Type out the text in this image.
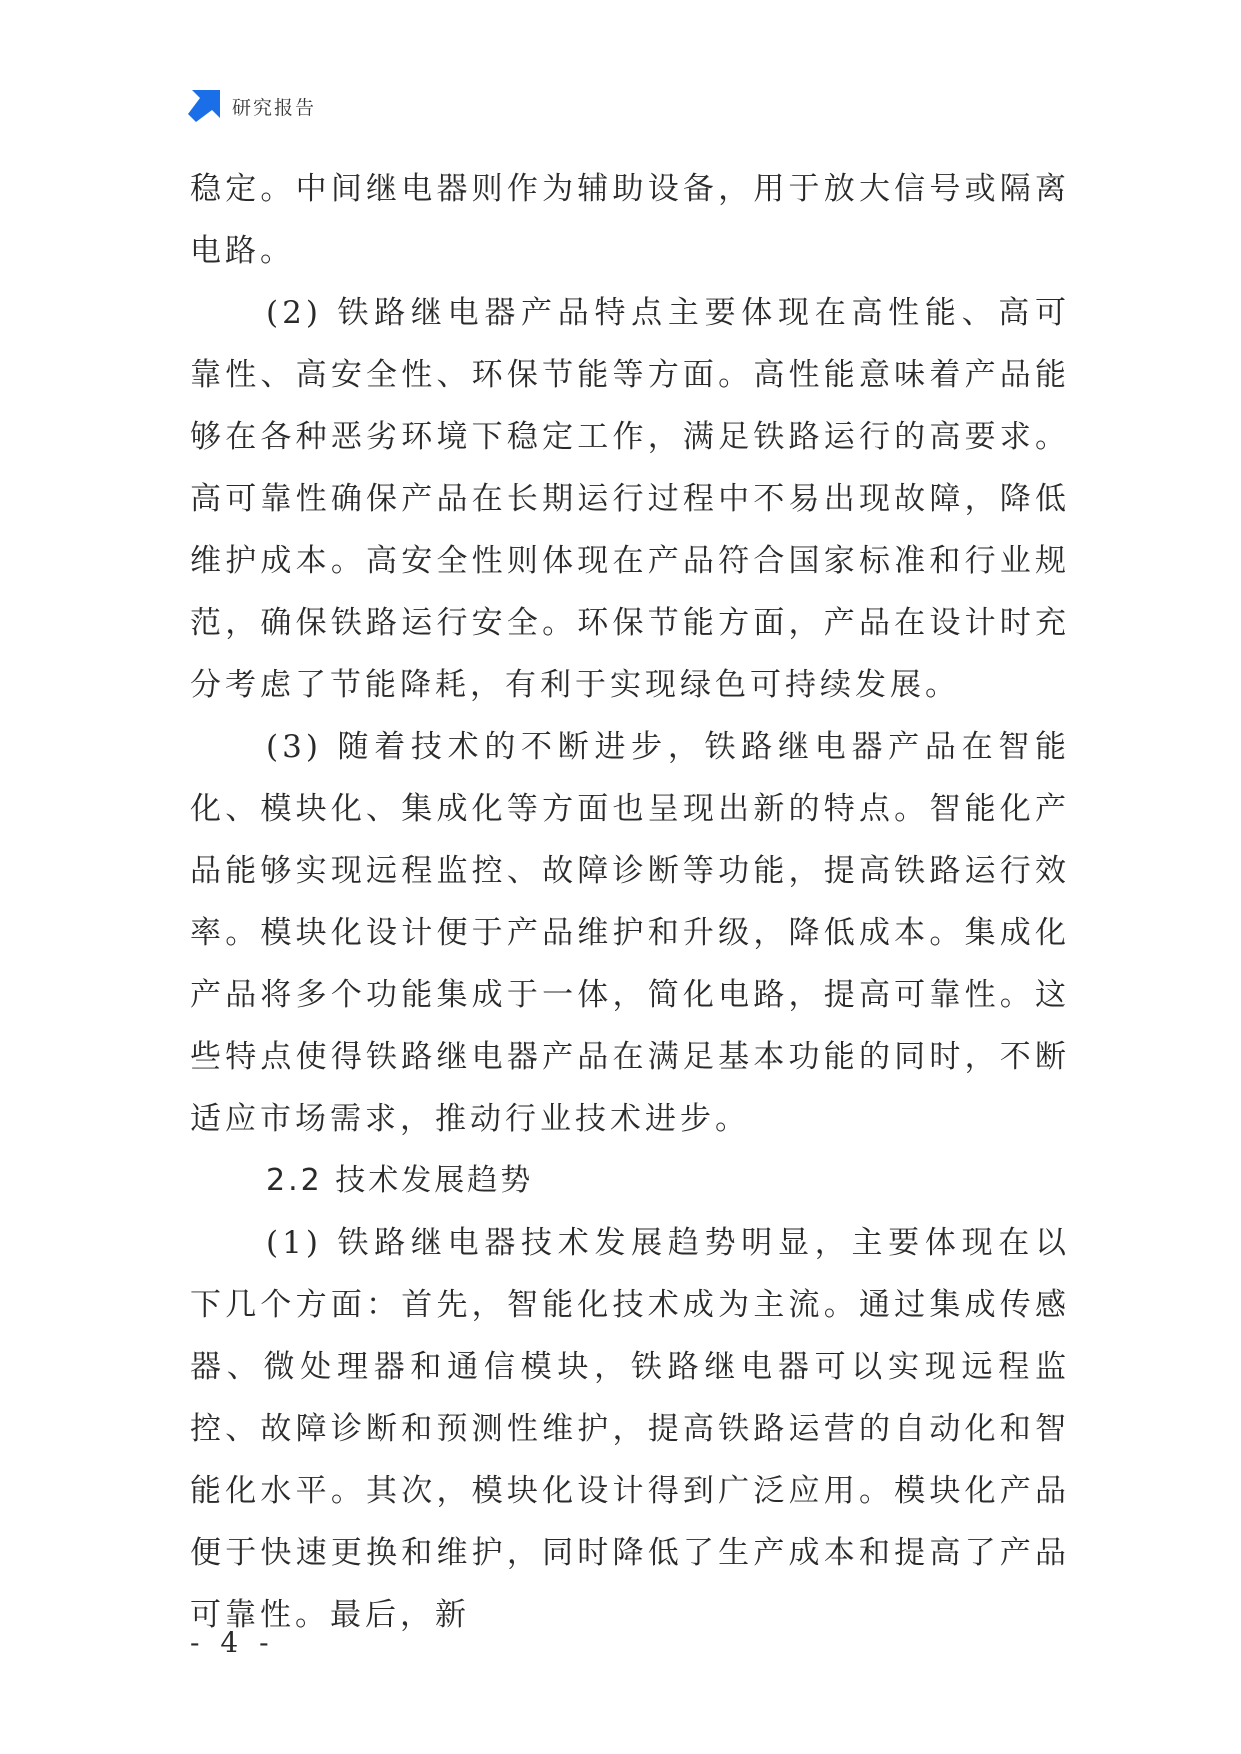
研究报告

稳定。中间继电器则作为辅助设备，用于放大信号或隔离电路。

(2) 铁路继电器产品特点主要体现在高性能、高可靠性、高安全性、环保节能等方面。高性能意味着产品能够在各种恶劣环境下稳定工作，满足铁路运行的高要求。高可靠性确保产品在长期运行过程中不易出现故障，降低维护成本。高安全性则体现在产品符合国家标准和行业规范，确保铁路运行安全。环保节能方面，产品在设计时充分考虑了节能降耗，有利于实现绿色可持续发展。

(3) 随着技术的不断进步，铁路继电器产品在智能化、模块化、集成化等方面也呈现出新的特点。智能化产品能够实现远程监控、故障诊断等功能，提高铁路运行效率。模块化设计便于产品维护和升级，降低成本。集成化产品将多个功能集成于一体，简化电路，提高可靠性。这些特点使得铁路继电器产品在满足基本功能的同时，不断适应市场需求，推动行业技术进步。

2.2 技术发展趋势

(1) 铁路继电器技术发展趋势明显，主要体现在以下几个方面：首先，智能化技术成为主流。通过集成传感器、微处理器和通信模块，铁路继电器可以实现远程监控、故障诊断和预测性维护，提高铁路运营的自动化和智能化水平。其次，模块化设计得到广泛应用。模块化产品便于快速更换和维护，同时降低了生产成本和提高了产品可靠性。最后，新

- 4 -
